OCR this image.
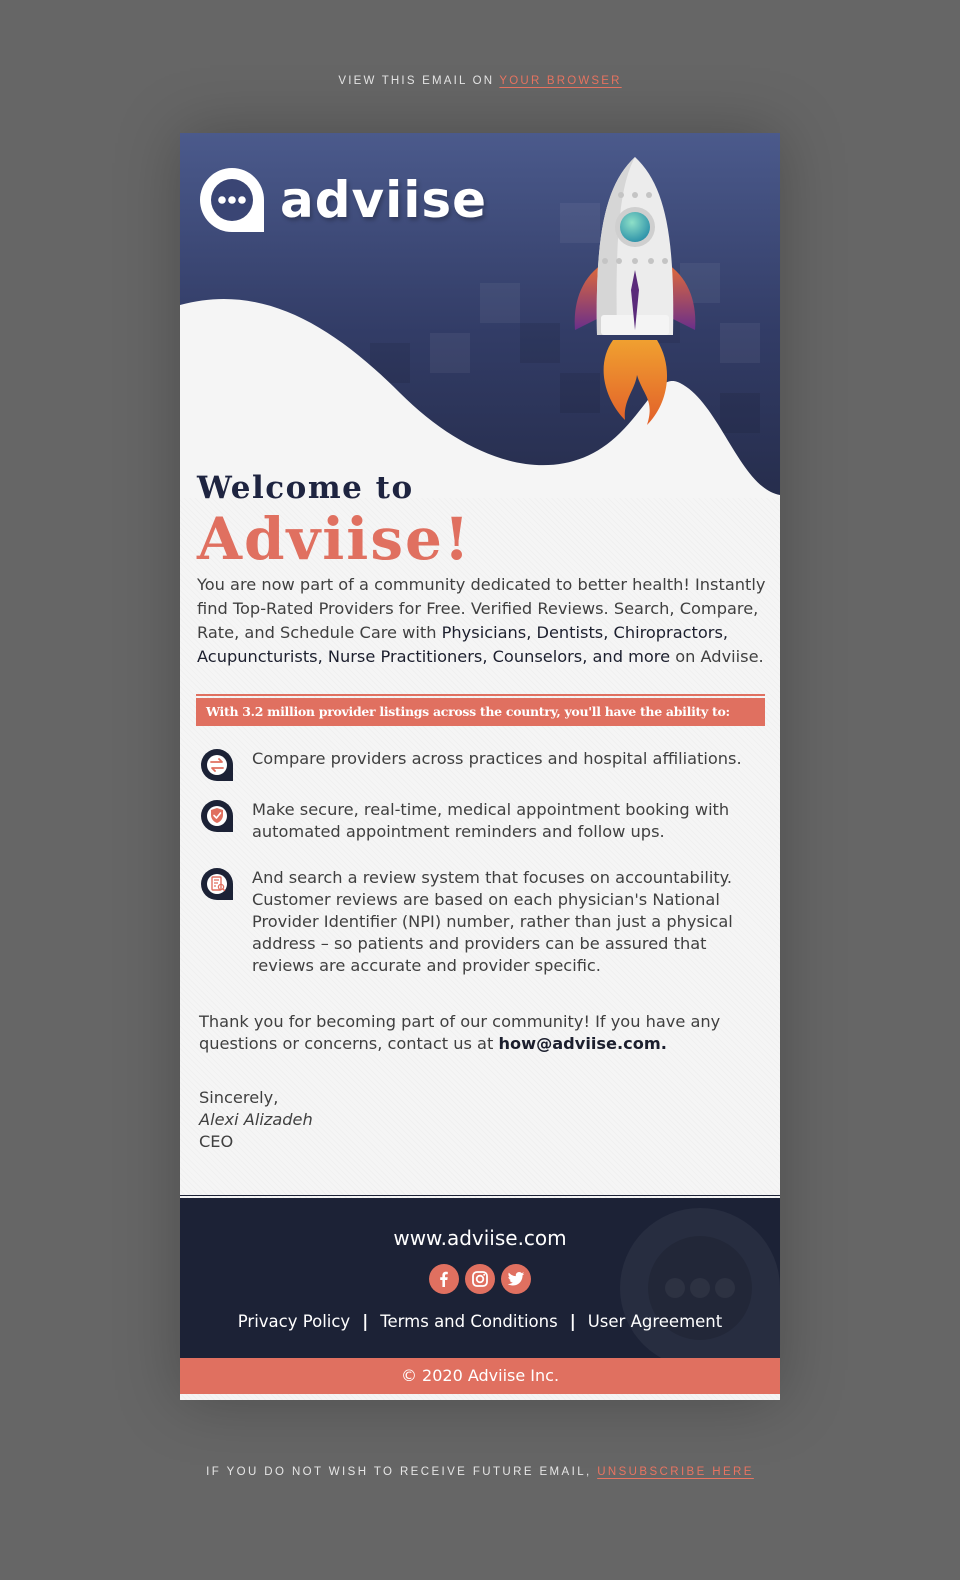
VIEW THIS EMAIL ON YOUR BROWSER
adviise
Welcome to
Adviise!

You are now part of a community dedicated to better health! Instantly find Top-Rated Providers for Free. Verified Reviews. Search, Compare, Rate, and Schedule Care with Physicians, Dentists, Chiropractors, Acupuncturists, Nurse Practitioners, Counselors, and more on Adviise.

With 3.2 million provider listings across the country, you'll have the ability to:
Compare providers across practices and hospital affiliations.
Make secure, real-time, medical appointment booking with automated appointment reminders and follow ups.
And search a review system that focuses on accountability. Customer reviews are based on each physician's National Provider Identifier (NPI) number, rather than just a physical address – so patients and providers can be assured that reviews are accurate and provider specific.

Thank you for becoming part of our community! If you have any questions or concerns, contact us at how@adviise.com.

Sincerely,
Alexi Alizadeh
CEO
www.adviise.com
Privacy Policy | Terms and Conditions | User Agreement
© 2020 Adviise Inc.
IF YOU DO NOT WISH TO RECEIVE FUTURE EMAIL, UNSUBSCRIBE HERE
